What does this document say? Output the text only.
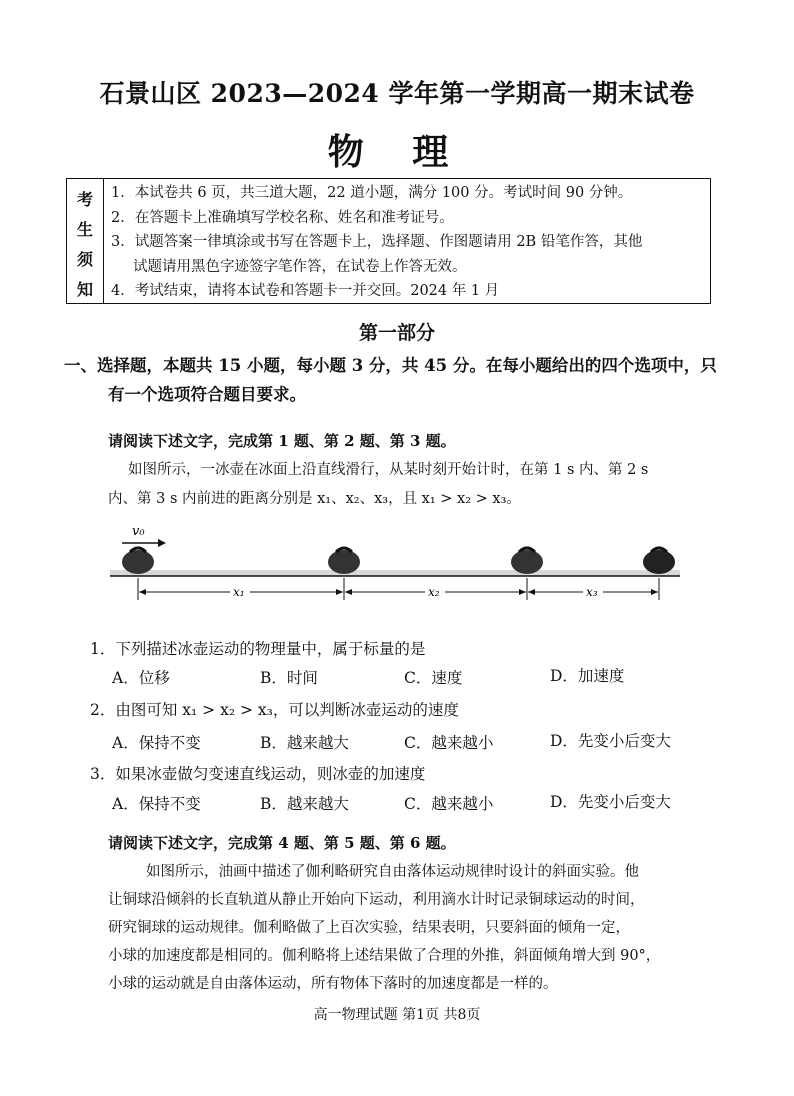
石景山区 2023—2024 学年第一学期高一期末试卷
物 理
考
生
须
知
1．本试卷共 6 页，共三道大题，22 道小题，满分 100 分。考试时间 90 分钟。
2．在答题卡上准确填写学校名称、姓名和准考证号。
3．试题答案一律填涂或书写在答题卡上，选择题、作图题请用 2B 铅笔作答，其他
试题请用黑色字迹签字笔作答，在试卷上作答无效。
4．考试结束，请将本试卷和答题卡一并交回。2024 年 1 月
第一部分
一、选择题，本题共 15 小题，每小题 3 分，共 45 分。在每小题给出的四个选项中，只
有一个选项符合题目要求。
请阅读下述文字，完成第 1 题、第 2 题、第 3 题。
如图所示，一冰壶在冰面上沿直线滑行，从某时刻开始计时，在第 1 s 内、第 2 s
内、第 3 s 内前进的距离分别是 x₁、x₂、x₃，且 x₁ > x₂ > x₃。
v₀
x₁	x₂	x₃
1．下列描述冰壶运动的物理量中，属于标量的是
A．位移	B．时间	C．速度	D．加速度
2．由图可知 x₁ > x₂ > x₃，可以判断冰壶运动的速度
A．保持不变	B．越来越大	C．越来越小	D．先变小后变大
3．如果冰壶做匀变速直线运动，则冰壶的加速度
A．保持不变	B．越来越大	C．越来越小	D．先变小后变大
请阅读下述文字，完成第 4 题、第 5 题、第 6 题。
如图所示，油画中描述了伽利略研究自由落体运动规律时设计的斜面实验。他
让铜球沿倾斜的长直轨道从静止开始向下运动，利用滴水计时记录铜球运动的时间，
研究铜球的运动规律。伽利略做了上百次实验，结果表明，只要斜面的倾角一定，
小球的加速度都是相同的。伽利略将上述结果做了合理的外推，斜面倾角增大到 90°，
小球的运动就是自由落体运动，所有物体下落时的加速度都是一样的。
高一物理试题 第1页 共8页
